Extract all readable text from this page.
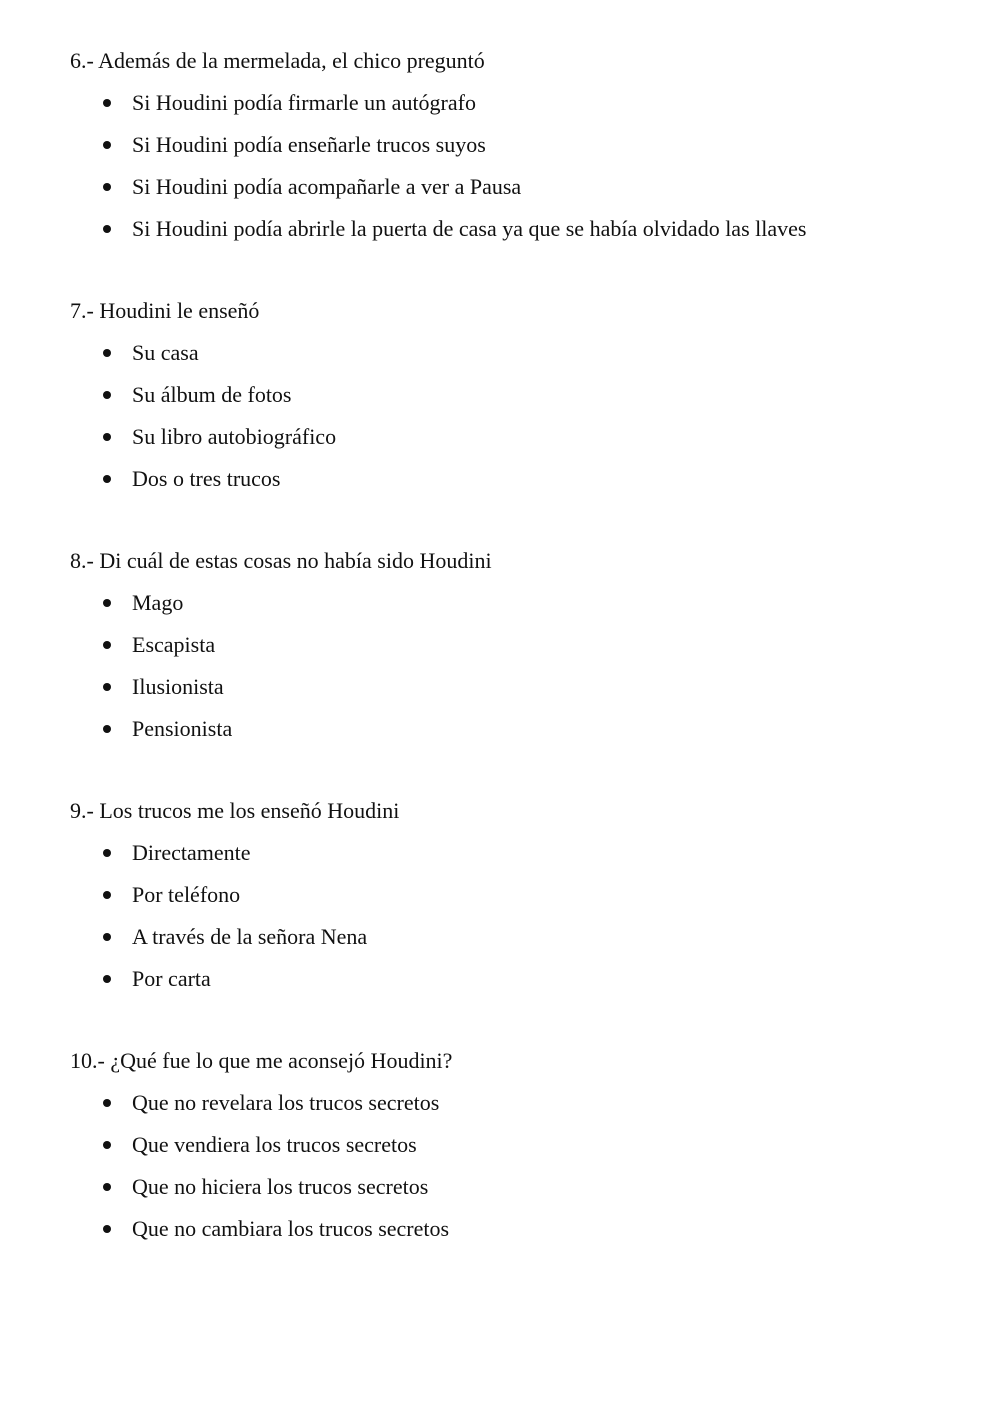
6.- Además de la mermelada, el chico preguntó
Si Houdini podía firmarle un autógrafo
Si Houdini podía enseñarle trucos suyos
Si Houdini podía acompañarle a ver a Pausa
Si Houdini podía abrirle la puerta de casa ya que se había olvidado las llaves
7.- Houdini le enseñó
Su casa
Su álbum de fotos
Su libro autobiográfico
Dos o tres trucos
8.- Di cuál de estas cosas no había sido Houdini
Mago
Escapista
Ilusionista
Pensionista
9.- Los trucos me los enseñó Houdini
Directamente
Por teléfono
A través de la señora Nena
Por carta
10.- ¿Qué fue lo que me aconsejó Houdini?
Que no revelara los trucos secretos
Que vendiera los trucos secretos
Que no hiciera los trucos secretos
Que no cambiara los trucos secretos
